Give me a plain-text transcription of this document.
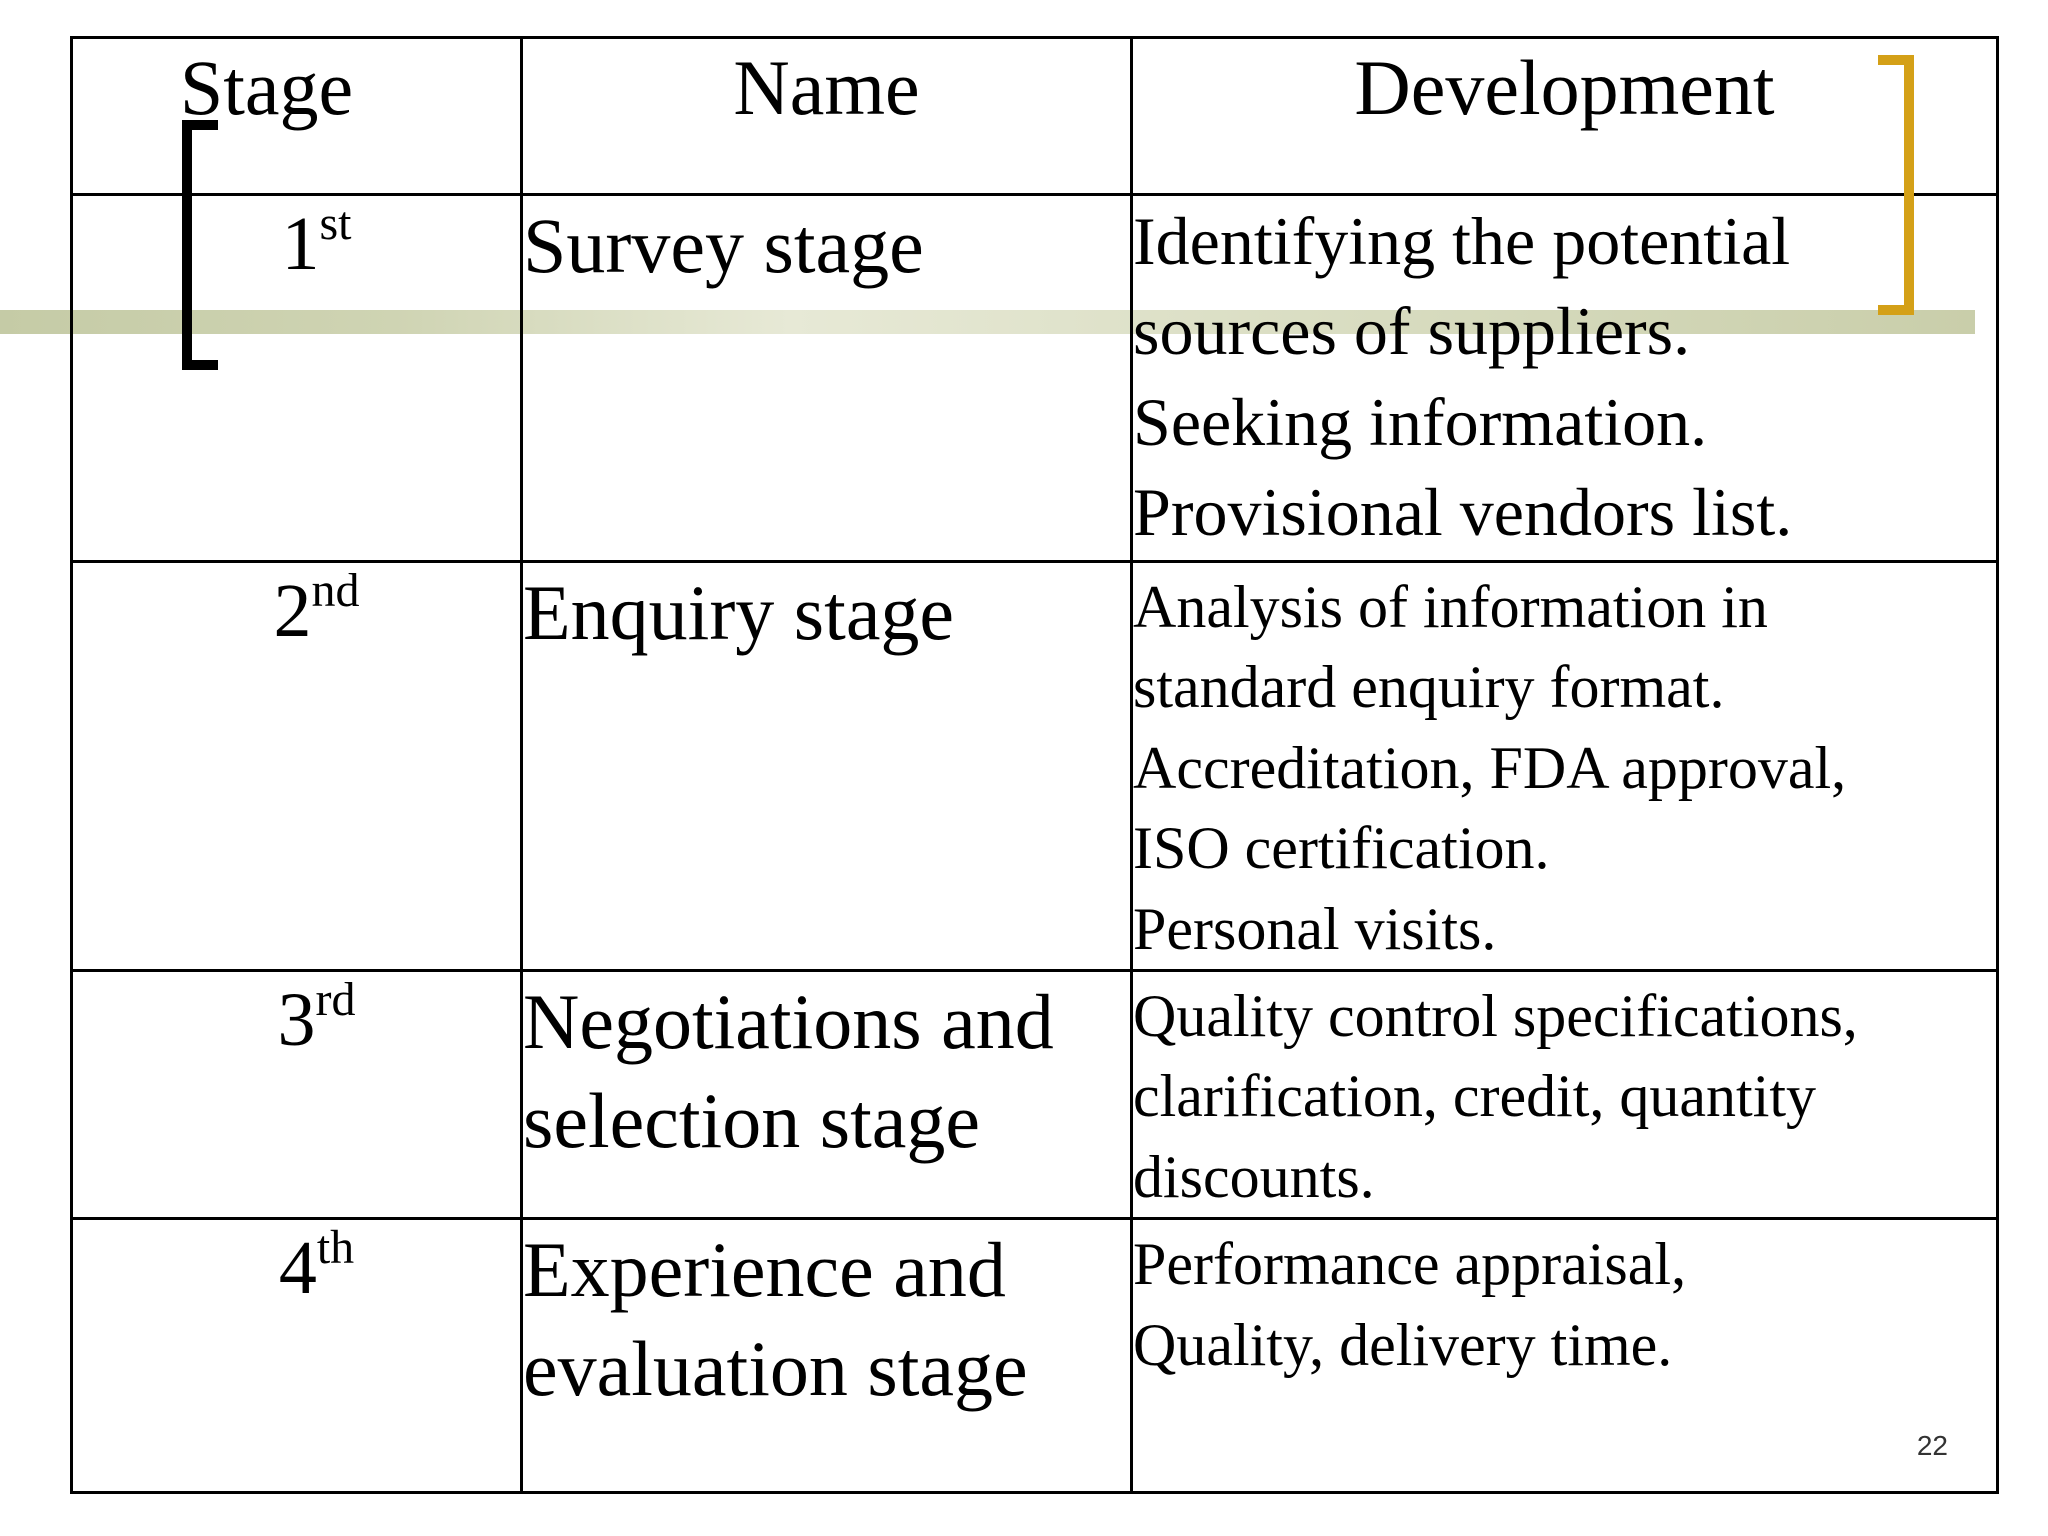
Stage	Name	Development
1st	Survey stage	Identifying the potential
sources of suppliers.
Seeking information.
Provisional vendors list.

2nd	Enquiry stage	Analysis of information in
standard enquiry format.
Accreditation, FDA approval,
ISO certification.
Personal visits.

3rd	Negotiations and selection stage	Quality control specifications,
clarification, credit, quantity
discounts.

4th	Experience and evaluation stage	Performance appraisal,
Quality, delivery time.
22
